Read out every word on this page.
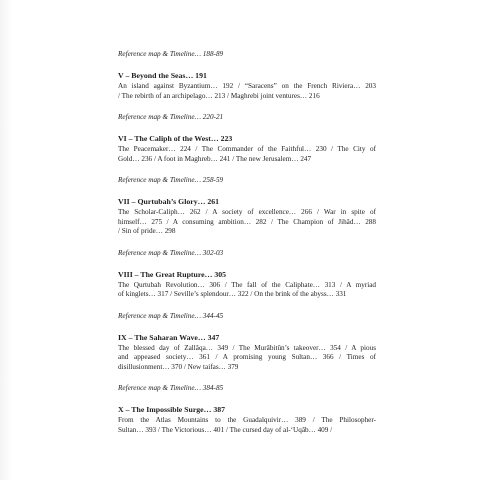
Reference map & Timeline… 188-89
V – Beyond the Seas… 191
An island against Byzantium… 192 / “Saracens” on the French Riviera… 203
/ The rebirth of an archipelago… 213 / Maghrebi joint ventures… 216
Reference map & Timeline… 220-21
VI – The Caliph of the West… 223
The Peacemaker… 224 / The Commander of the Faithful… 230 / The City of
Gold… 236 / A foot in Maghreb… 241 / The new Jerusalem… 247
Reference map & Timeline… 258-59
VII – Qurtubah’s Glory… 261
The Scholar-Caliph… 262 / A society of excellence… 266 / War in spite of
himself… 275 / A consuming ambition… 282 / The Champion of Jihâd… 288
/ Sin of pride… 298
Reference map & Timeline… 302-03
VIII – The Great Rupture… 305
The Qurtubah Revolution… 306 / The fall of the Caliphate… 313 / A myriad
of kinglets… 317 / Seville’s splendour… 322 / On the brink of the abyss… 331
Reference map & Timeline… 344-45
IX – The Saharan Wave… 347
The blessed day of Zallâqa… 349 / The Murâbitûn’s takeover… 354 / A pious
and appeased society… 361 / A promising young Sultan… 366 / Times of
disillusionment… 370 / New taifas… 379
Reference map & Timeline… 384-85
X – The Impossible Surge… 387
From the Atlas Mountains to the Guadalquivir… 389 / The Philosopher-
Sultan… 393 / The Victorious… 401 / The cursed day of al-‘Uqâb… 409 /
